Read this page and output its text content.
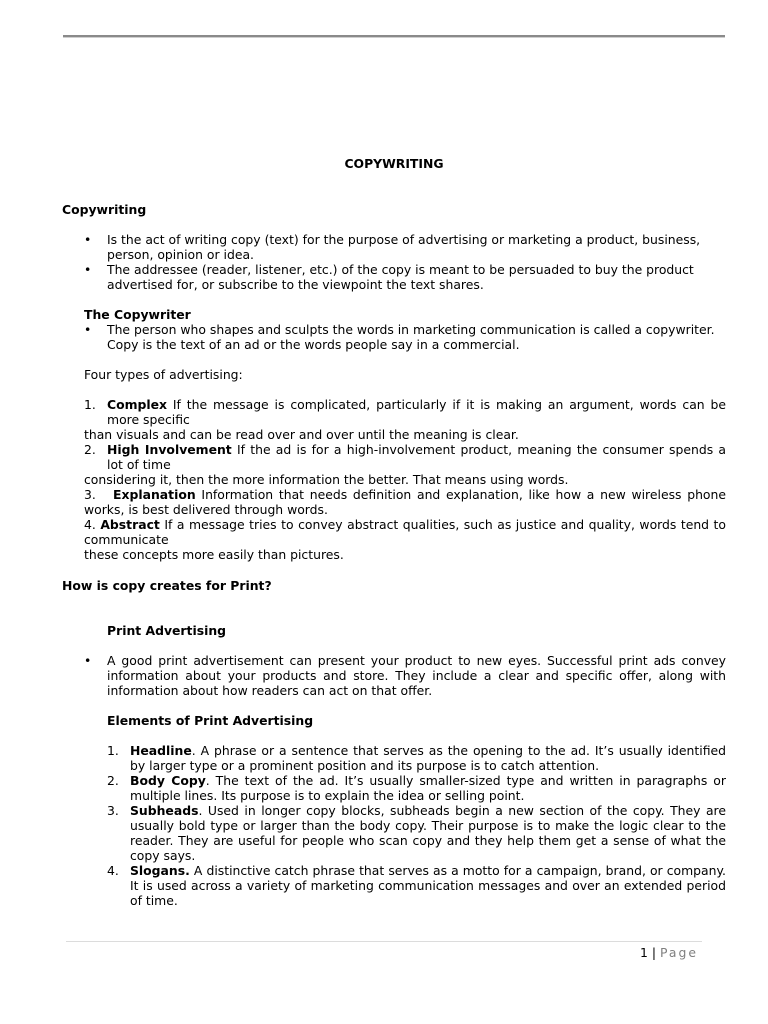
COPYWRITING
Copywriting
• Is the act of writing copy (text) for the purpose of advertising or marketing a product, business, person, opinion or idea.
• The addressee (reader, listener, etc.) of the copy is meant to be persuaded to buy the product advertised for, or subscribe to the viewpoint the text shares.
The Copywriter
• The person who shapes and sculpts the words in marketing communication is called a copywriter. Copy is the text of an ad or the words people say in a commercial.
Four types of advertising:
1. Complex If the message is complicated, particularly if it is making an argument, words can be more specific
than visuals and can be read over and over until the meaning is clear.
2. High Involvement If the ad is for a high-involvement product, meaning the consumer spends a lot of time
considering it, then the more information the better. That means using words.
3. Explanation Information that needs definition and explanation, like how a new wireless phone works, is best delivered through words.
4. Abstract If a message tries to convey abstract qualities, such as justice and quality, words tend to communicate
these concepts more easily than pictures.
How is copy creates for Print?
Print Advertising
• A good print advertisement can present your product to new eyes. Successful print ads convey information about your products and store. They include a clear and specific offer, along with information about how readers can act on that offer.
Elements of Print Advertising
1. Headline. A phrase or a sentence that serves as the opening to the ad. It’s usually identified by larger type or a prominent position and its purpose is to catch attention.
2. Body Copy. The text of the ad. It’s usually smaller-sized type and written in paragraphs or multiple lines. Its purpose is to explain the idea or selling point.
3. Subheads. Used in longer copy blocks, subheads begin a new section of the copy. They are usually bold type or larger than the body copy. Their purpose is to make the logic clear to the reader. They are useful for people who scan copy and they help them get a sense of what the copy says.
4. Slogans. A distinctive catch phrase that serves as a motto for a campaign, brand, or company. It is used across a variety of marketing communication messages and over an extended period of time.
1 | Page
